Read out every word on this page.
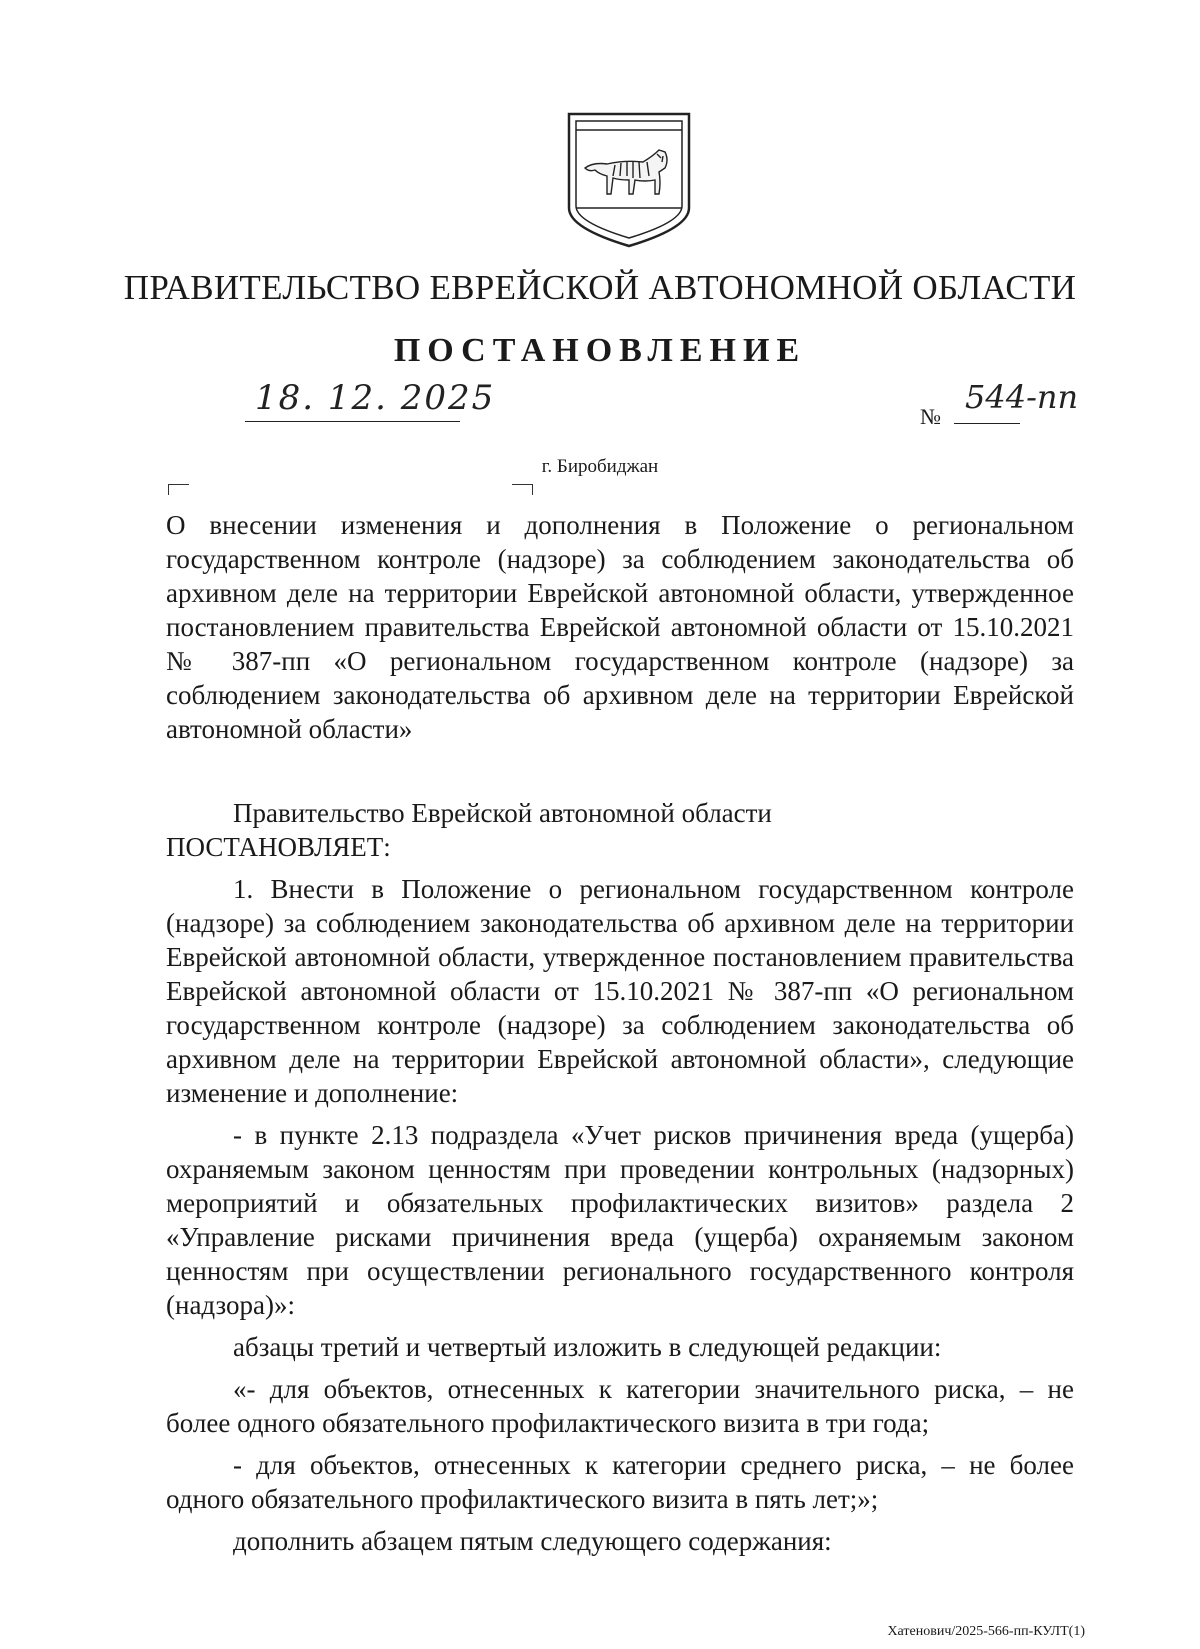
ПРАВИТЕЛЬСТВО ЕВРЕЙСКОЙ АВТОНОМНОЙ ОБЛАСТИ
ПОСТАНОВЛЕНИЕ
18. 12. 2025	№
544-пп
г. Биробиджан

О внесении изменения и дополнения в Положение о региональном государственном контроле (надзоре) за соблюдением законодательства об архивном деле на территории Еврейской автономной области, утвержденное постановлением правительства Еврейской автономной области от 15.10.2021 № 387-пп «О региональном государственном контроле (надзоре) за соблюдением законодательства об архивном деле на территории Еврейской автономной области»

Правительство Еврейской автономной области

ПОСТАНОВЛЯЕТ:

1. Внести в Положение о региональном государственном контроле (надзоре) за соблюдением законодательства об архивном деле на территории Еврейской автономной области, утвержденное постановлением правительства Еврейской автономной области от 15.10.2021 № 387-пп «О региональном государственном контроле (надзоре) за соблюдением законодательства об архивном деле на территории Еврейской автономной области», следующие изменение и дополнение:

- в пункте 2.13 подраздела «Учет рисков причинения вреда (ущерба) охраняемым законом ценностям при проведении контрольных (надзорных) мероприятий и обязательных профилактических визитов» раздела 2 «Управление рисками причинения вреда (ущерба) охраняемым законом ценностям при осуществлении регионального государственного контроля (надзора)»:

абзацы третий и четвертый изложить в следующей редакции:

«- для объектов, отнесенных к категории значительного риска, – не более одного обязательного профилактического визита в три года;

- для объектов, отнесенных к категории среднего риска, – не более одного обязательного профилактического визита в пять лет;»;

дополнить абзацем пятым следующего содержания:

Хатенович/2025-566-пп-КУЛТ(1)
